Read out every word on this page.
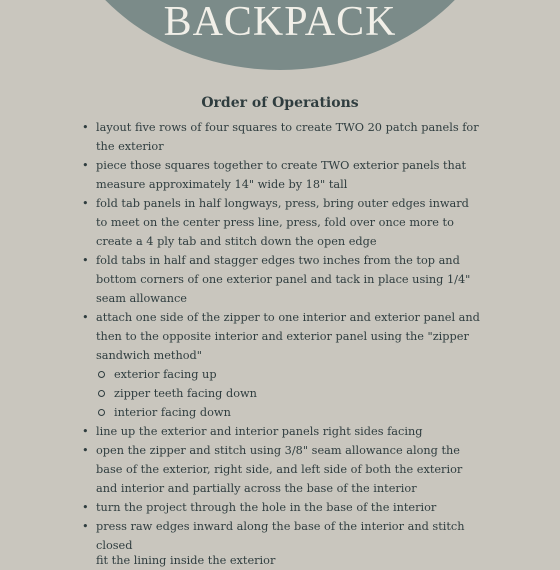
BACKPACK
Order of Operations
• layout five rows of four squares to create TWO 20 patch panels for the exterior
• piece those squares together to create TWO exterior panels that measure approximately 14" wide by 18" tall
• fold tab panels in half longways, press, bring outer edges inward to meet on the center press line, press, fold over once more to create a 4 ply tab and stitch down the open edge
• fold tabs in half and stagger edges two inches from the top and bottom corners of one exterior panel and tack in place using 1/4" seam allowance
• attach one side of the zipper to one interior and exterior panel and then to the opposite interior and exterior panel using the "zipper sandwich method"
exterior facing up
zipper teeth facing down
interior facing down
• line up the exterior and interior panels right sides facing
• open the zipper and stitch using 3/8" seam allowance along the base of the exterior, right side, and left side of both the exterior and interior and partially across the base of the interior
• turn the project through the hole in the base of the interior
• press raw edges inward along the base of the interior and stitch closed
fit the lining inside the exterior
